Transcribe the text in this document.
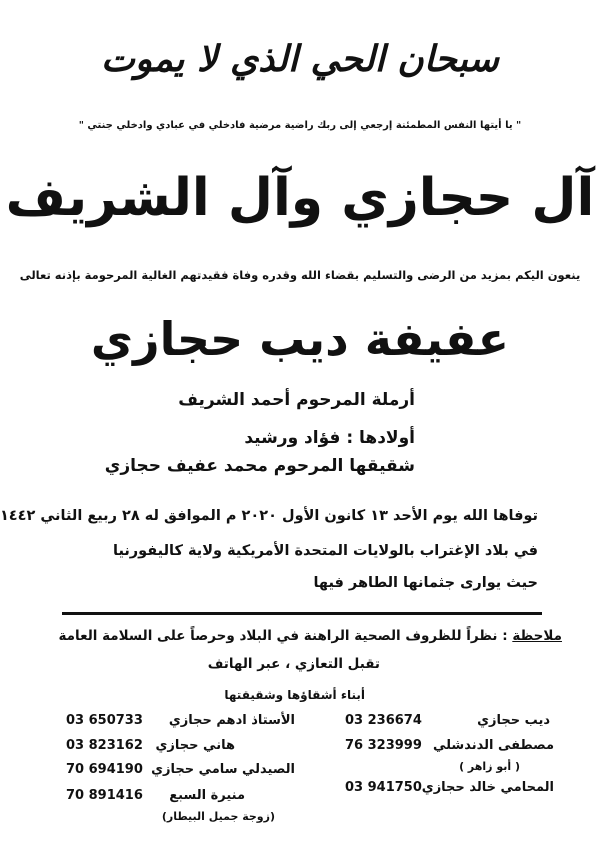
سبحان الحي الذي لا يموت
" يا أيتها النفس المطمئنة إرجعي إلى ربك راضية مرضية فادخلي في عبادي وادخلي جنتي "
آل حجازي وآل الشريف
ينعون اليكم بمزيد من الرضى والتسليم بقضاء الله وقدره وفاة فقيدتهم الغالية المرحومة بإذنه تعالى
عفيفة ديب حجازي
أرملة المرحوم أحمد الشريف
أولادها : فؤاد ورشيد
شقيقها المرحوم محمد عفيف حجازي
توفاها الله يوم الأحد ١٣ كانون الأول ٢٠٢٠ م الموافق له ٢٨ ربيع الثاني ١٤٤٢
في بلاد الإغتراب بالولايات المتحدة الأمريكية ولاية كاليفورنيا
حيث يوارى جثمانها الطاهر فيها
ملاحظة : نظراً للظروف الصحية الراهنة في البلاد وحرصاً على السلامة العامة
تقبل التعازي ، عبر الهاتف
أبناء أشقاؤها وشقيقتها
ديب حجازي
03 236674
مصطفى الدندشلي
76 323999
( أبو زاهر )
المحامي خالد حجازي
03 941750
الأستاذ ادهم حجازي
03 650733
هاني حجازي
03 823162
الصيدلي سامي حجازي
70 694190
منيرة السبع
70 891416
(زوجة جميل البيطار)
